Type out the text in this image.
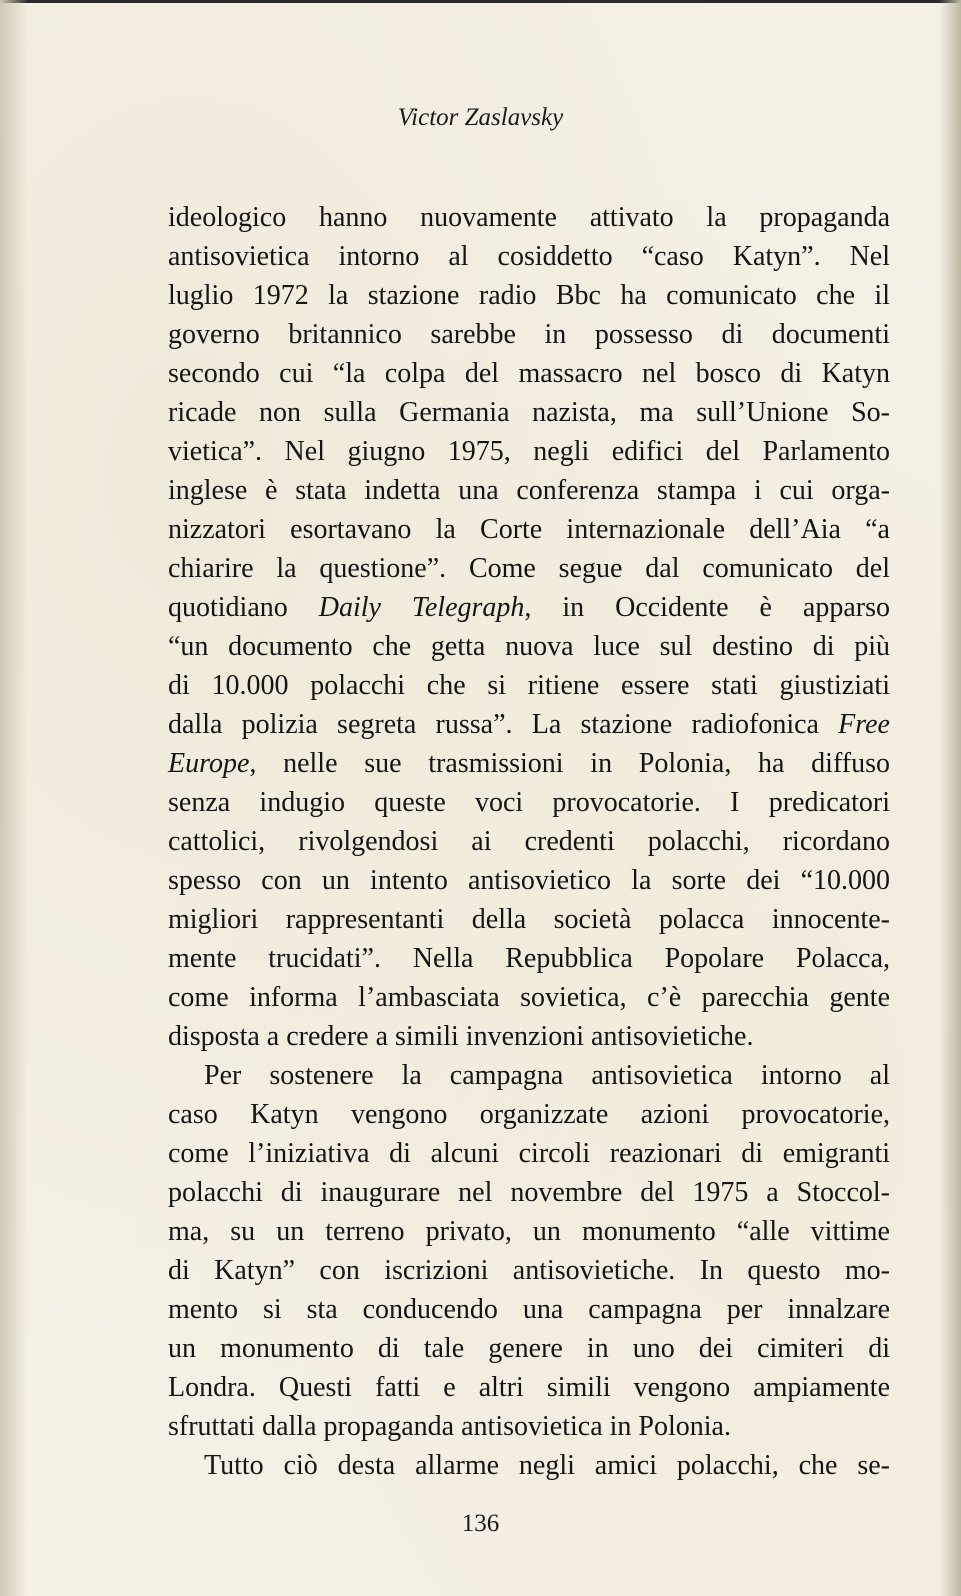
Victor Zaslavsky
ideologico hanno nuovamente attivato la propaganda
antisovietica intorno al cosiddetto “caso Katyn”. Nel
luglio 1972 la stazione radio Bbc ha comunicato che il
governo britannico sarebbe in possesso di documenti
secondo cui “la colpa del massacro nel bosco di Katyn
ricade non sulla Germania nazista, ma sull’Unione So-
vietica”. Nel giugno 1975, negli edifici del Parlamento
inglese è stata indetta una conferenza stampa i cui orga-
nizzatori esortavano la Corte internazionale dell’Aia “a
chiarire la questione”. Come segue dal comunicato del
quotidiano Daily Telegraph, in Occidente è apparso
“un documento che getta nuova luce sul destino di più
di 10.000 polacchi che si ritiene essere stati giustiziati
dalla polizia segreta russa”. La stazione radiofonica Free
Europe, nelle sue trasmissioni in Polonia, ha diffuso
senza indugio queste voci provocatorie. I predicatori
cattolici, rivolgendosi ai credenti polacchi, ricordano
spesso con un intento antisovietico la sorte dei “10.000
migliori rappresentanti della società polacca innocente-
mente trucidati”. Nella Repubblica Popolare Polacca,
come informa l’ambasciata sovietica, c’è parecchia gente
disposta a credere a simili invenzioni antisovietiche.
Per sostenere la campagna antisovietica intorno al
caso Katyn vengono organizzate azioni provocatorie,
come l’iniziativa di alcuni circoli reazionari di emigranti
polacchi di inaugurare nel novembre del 1975 a Stoccol-
ma, su un terreno privato, un monumento “alle vittime
di Katyn” con iscrizioni antisovietiche. In questo mo-
mento si sta conducendo una campagna per innalzare
un monumento di tale genere in uno dei cimiteri di
Londra. Questi fatti e altri simili vengono ampiamente
sfruttati dalla propaganda antisovietica in Polonia.
Tutto ciò desta allarme negli amici polacchi, che se-
136
